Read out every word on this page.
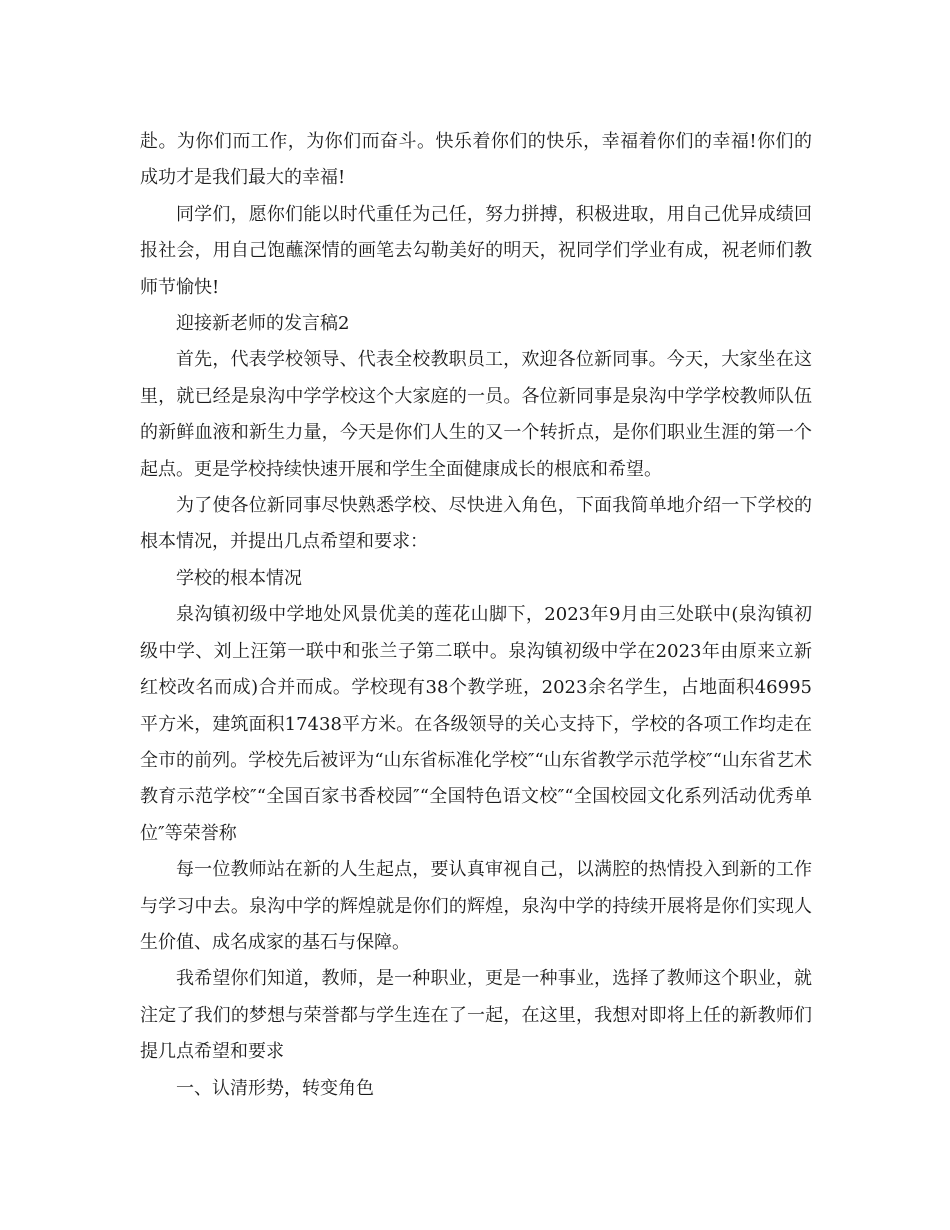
赴。为你们而工作，为你们而奋斗。快乐着你们的快乐，幸福着你们的幸福!你们的成功才是我们最大的幸福!

同学们，愿你们能以时代重任为己任，努力拼搏，积极进取，用自己优异成绩回报社会，用自己饱蘸深情的画笔去勾勒美好的明天，祝同学们学业有成，祝老师们教师节愉快!

迎接新老师的发言稿2

首先，代表学校领导、代表全校教职员工，欢迎各位新同事。今天，大家坐在这里，就已经是泉沟中学学校这个大家庭的一员。各位新同事是泉沟中学学校教师队伍的新鲜血液和新生力量，今天是你们人生的又一个转折点，是你们职业生涯的第一个起点。更是学校持续快速开展和学生全面健康成长的根底和希望。

为了使各位新同事尽快熟悉学校、尽快进入角色，下面我简单地介绍一下学校的根本情况，并提出几点希望和要求：

学校的根本情况

泉沟镇初级中学地处风景优美的莲花山脚下，2023年9月由三处联中(泉沟镇初级中学、刘上汪第一联中和张兰子第二联中。泉沟镇初级中学在2023年由原来立新红校改名而成)合并而成。学校现有38个教学班，2023余名学生，占地面积46995平方米，建筑面积17438平方米。在各级领导的关心支持下，学校的各项工作均走在全市的前列。学校先后被评为“山东省标准化学校″“山东省教学示范学校″“山东省艺术教育示范学校″“全国百家书香校园″“全国特色语文校″“全国校园文化系列活动优秀单位″等荣誉称

每一位教师站在新的人生起点，要认真审视自己，以满腔的热情投入到新的工作与学习中去。泉沟中学的辉煌就是你们的辉煌，泉沟中学的持续开展将是你们实现人生价值、成名成家的基石与保障。

我希望你们知道，教师，是一种职业，更是一种事业，选择了教师这个职业，就注定了我们的梦想与荣誉都与学生连在了一起，在这里，我想对即将上任的新教师们提几点希望和要求

一、认清形势，转变角色
